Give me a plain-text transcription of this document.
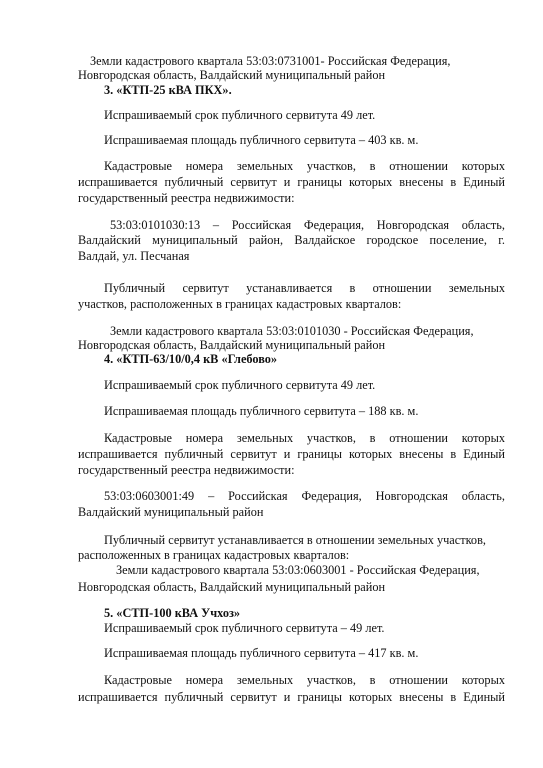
Земли кадастрового квартала 53:03:0731001- Российская Федерация,
Новгородская область, Валдайский муниципальный район
3. «КТП-25 кВА ПКХ».
Испрашиваемый срок публичного сервитута 49 лет.
Испрашиваемая площадь публичного сервитута – 403 кв. м.
Кадастровые номера земельных участков, в отношении которых
испрашивается публичный сервитут и границы которых внесены в Единый
государственный реестра недвижимости:
53:03:0101030:13 – Российская Федерация, Новгородская область,
Валдайский муниципальный район, Валдайское городское поселение, г.
Валдай, ул. Песчаная
Публичный сервитут устанавливается в отношении земельных
участков, расположенных в границах кадастровых кварталов:
Земли кадастрового квартала 53:03:0101030 - Российская Федерация,
Новгородская область, Валдайский муниципальный район
4. «КТП-63/10/0,4 кВ «Глебово»
Испрашиваемый срок публичного сервитута 49 лет.
Испрашиваемая площадь публичного сервитута – 188 кв. м.
Кадастровые номера земельных участков, в отношении которых
испрашивается публичный сервитут и границы которых внесены в Единый
государственный реестра недвижимости:
53:03:0603001:49 – Российская Федерация, Новгородская область,
Валдайский муниципальный район
Публичный сервитут устанавливается в отношении земельных участков,
расположенных в границах кадастровых кварталов:
Земли кадастрового квартала 53:03:0603001 - Российская Федерация,
Новгородская область, Валдайский муниципальный район
5. «СТП-100 кВА Учхоз»
Испрашиваемый срок публичного сервитута – 49 лет.
Испрашиваемая площадь публичного сервитута – 417 кв. м.
Кадастровые номера земельных участков, в отношении которых
испрашивается публичный сервитут и границы которых внесены в Единый
